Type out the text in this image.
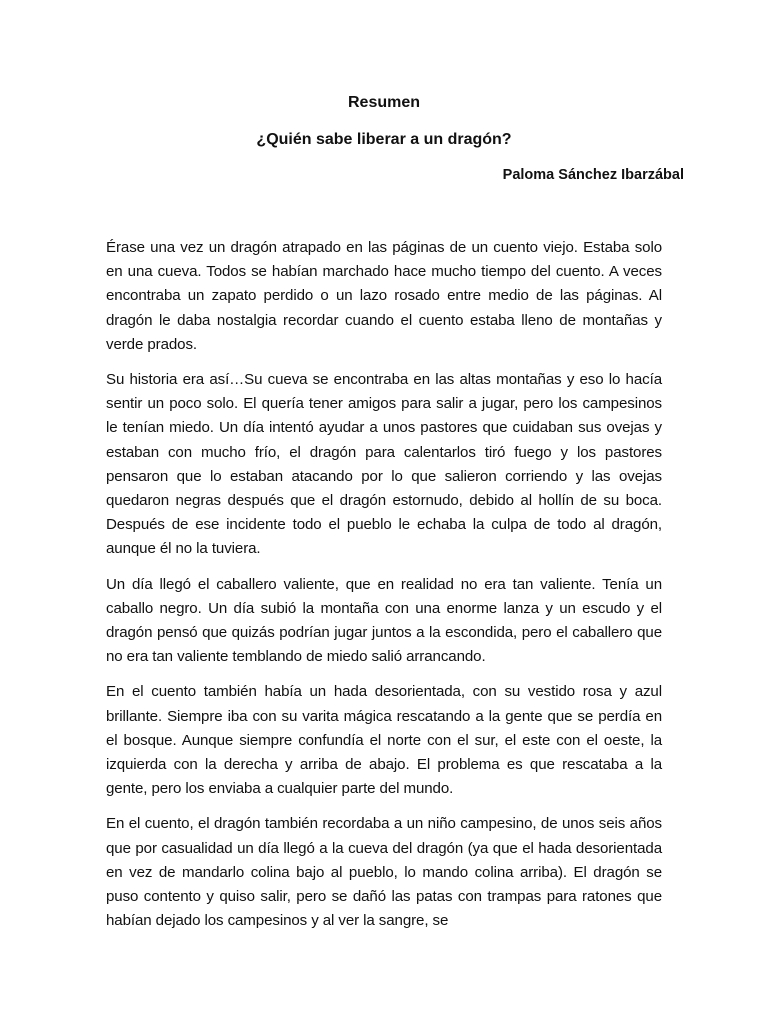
Resumen
¿Quién sabe liberar a un dragón?

Paloma Sánchez Ibarzábal

Érase una vez un dragón atrapado en las páginas de un cuento viejo. Estaba solo en una cueva. Todos se habían marchado hace mucho tiempo del cuento. A veces encontraba un zapato perdido o un lazo rosado entre medio de las páginas. Al dragón le daba nostalgia recordar cuando el cuento estaba lleno de montañas y verde prados.

Su historia era así…Su cueva se encontraba en las altas montañas y eso lo hacía sentir un poco solo. El quería tener amigos para salir a jugar, pero los campesinos le tenían miedo. Un día intentó ayudar a unos pastores que cuidaban sus ovejas y estaban con mucho frío, el dragón para calentarlos tiró fuego y los pastores pensaron que lo estaban atacando por lo que salieron corriendo y las ovejas quedaron negras después que el dragón estornudo, debido al hollín de su boca. Después de ese incidente todo el pueblo le echaba la culpa de todo al dragón, aunque él no la tuviera.

Un día llegó el caballero valiente, que en realidad no era tan valiente. Tenía un caballo negro. Un día subió la montaña con una enorme lanza y un escudo y el dragón pensó que quizás podrían jugar juntos a la escondida, pero el caballero que no era tan valiente temblando de miedo salió arrancando.

En el cuento también había un hada desorientada, con su vestido rosa y azul brillante. Siempre iba con su varita mágica rescatando a la gente que se perdía en el bosque. Aunque siempre confundía el norte con el sur, el este con el oeste, la izquierda con la derecha y arriba de abajo. El problema es que rescataba a la gente, pero los enviaba a cualquier parte del mundo.

En el cuento, el dragón también recordaba a un niño campesino, de unos seis años que por casualidad un día llegó a la cueva del dragón (ya que el hada desorientada en vez de mandarlo colina bajo al pueblo, lo mando colina arriba). El dragón se puso contento y quiso salir, pero se dañó las patas con trampas para ratones que habían dejado los campesinos y al ver la sangre, se
